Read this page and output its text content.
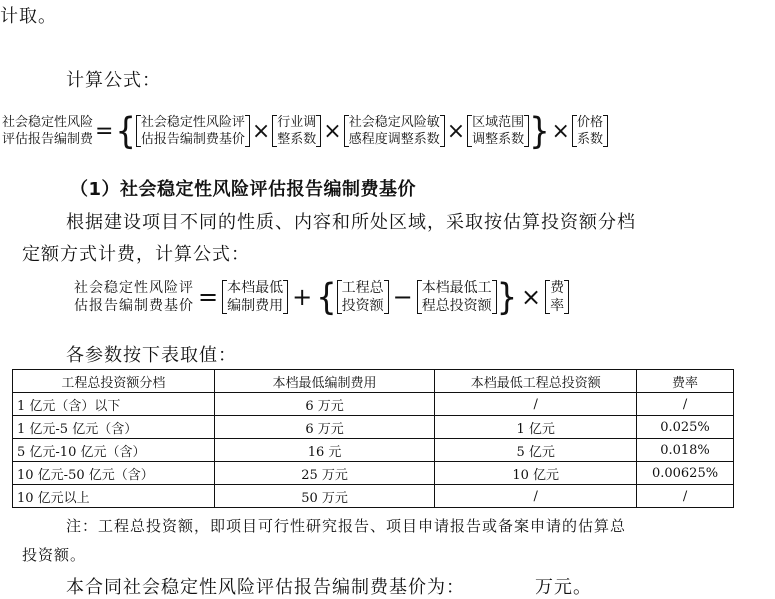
计取。
计算公式：
社会稳定性风险
评估报告编制费 = { 社会稳定性风险评
估报告编制费基价 × 行业调
整系数 × 社会稳定风险敏
感程度调整系数 × 区域范围
调整系数 } × 价格
系数
（1）社会稳定性风险评估报告编制费基价
根据建设项目不同的性质、内容和所处区域，采取按估算投资额分档
定额方式计费，计算公式：
社会稳定性风险评
估报告编制费基价 = 本档最低
编制费用 + { 工程总
投资额 − 本档最低工
程总投资额 } × 费
率
各参数按下表取值：
工程总投资额分档	本档最低编制费用	本档最低工程总投资额	费率
1 亿元（含）以下	6 万元	/	/
1 亿元-5 亿元（含）	6 万元	1 亿元	0.025%
5 亿元-10 亿元（含）	16 元	5 亿元	0.018%
10 亿元-50 亿元（含）	25 万元	10 亿元	0.00625%
10 亿元以上	50 万元	/	/
注：工程总投资额，即项目可行性研究报告、项目申请报告或备案申请的估算总
投资额。
本合同社会稳定性风险评估报告编制费基价为：	万元。
